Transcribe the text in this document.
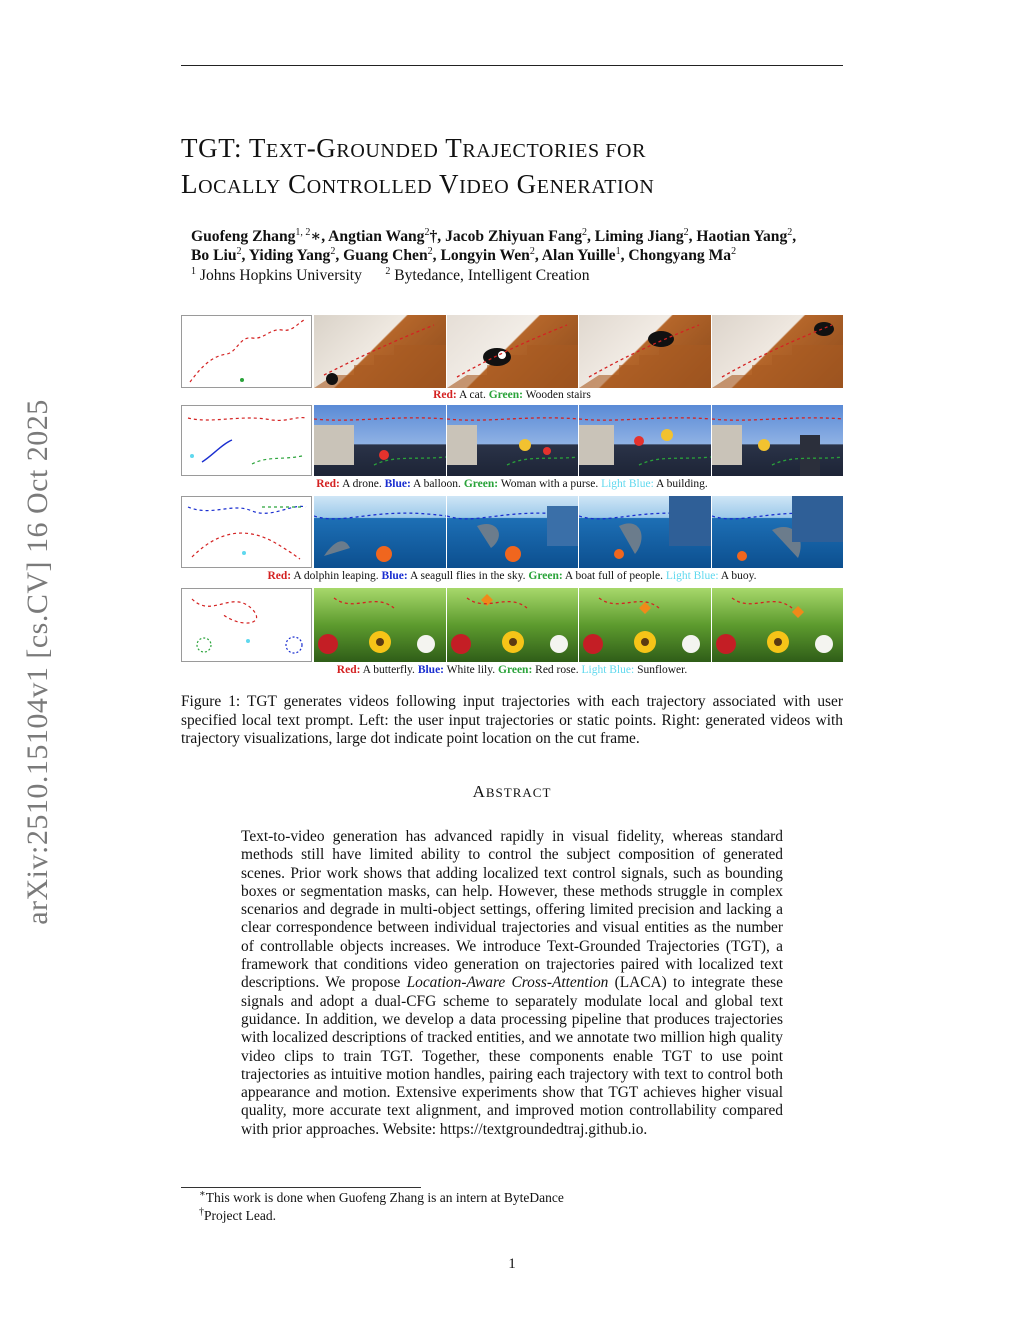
arXiv:2510.15104v1 [cs.CV] 16 Oct 2025
TGT: TEXT-GROUNDED TRAJECTORIES FOR
LOCALLY CONTROLLED VIDEO GENERATION
Guofeng Zhang$^{1, 2}$∗, Angtian Wang$^2$†, Jacob Zhiyuan Fang$^2$, Liming Jiang$^2$, Haotian Yang$^2$,
Bo Liu$^2$, Yiding Yang$^2$, Guang Chen$^2$, Longyin Wen$^2$, Alan Yuille$^1$, Chongyang Ma$^2$
$^1$ Johns Hopkins University $^2$ Bytedance, Intelligent Creation
Red: A cat. Green: Wooden stairs
Red: A drone. Blue: A balloon. Green: Woman with a purse. Light Blue: A building.
Red: A dolphin leaping. Blue: A seagull flies in the sky. Green: A boat full of people. Light Blue: A buoy.
Red: A butterfly. Blue: White lily. Green: Red rose. Light Blue: Sunflower.
Figure 1: TGT generates videos following input trajectories with each trajectory associated with user specified local text prompt. Left: the user input trajectories or static points. Right: generated videos with trajectory visualizations, large dot indicate point location on the cut frame.
ABSTRACT
Text-to-video generation has advanced rapidly in visual fidelity, whereas standard methods still have limited ability to control the subject composition of generated scenes. Prior work shows that adding localized text control signals, such as bounding boxes or segmentation masks, can help. However, these methods struggle in complex scenarios and degrade in multi-object settings, offering limited precision and lacking a clear correspondence between individual trajectories and visual entities as the number of controllable objects increases. We introduce Text-Grounded Trajectories (TGT), a framework that conditions video generation on trajectories paired with localized text descriptions. We propose Location-Aware Cross-Attention (LACA) to integrate these signals and adopt a dual-CFG scheme to separately modulate local and global text guidance. In addition, we develop a data processing pipeline that produces trajectories with localized descriptions of tracked entities, and we annotate two million high quality video clips to train TGT. Together, these components enable TGT to use point trajectories as intuitive motion handles, pairing each trajectory with text to control both appearance and motion. Extensive experiments show that TGT achieves higher visual quality, more accurate text alignment, and improved motion controllability compared with prior approaches. Website: https://textgroundedtraj.github.io.
∗This work is done when Guofeng Zhang is an intern at ByteDance
†Project Lead.
1
